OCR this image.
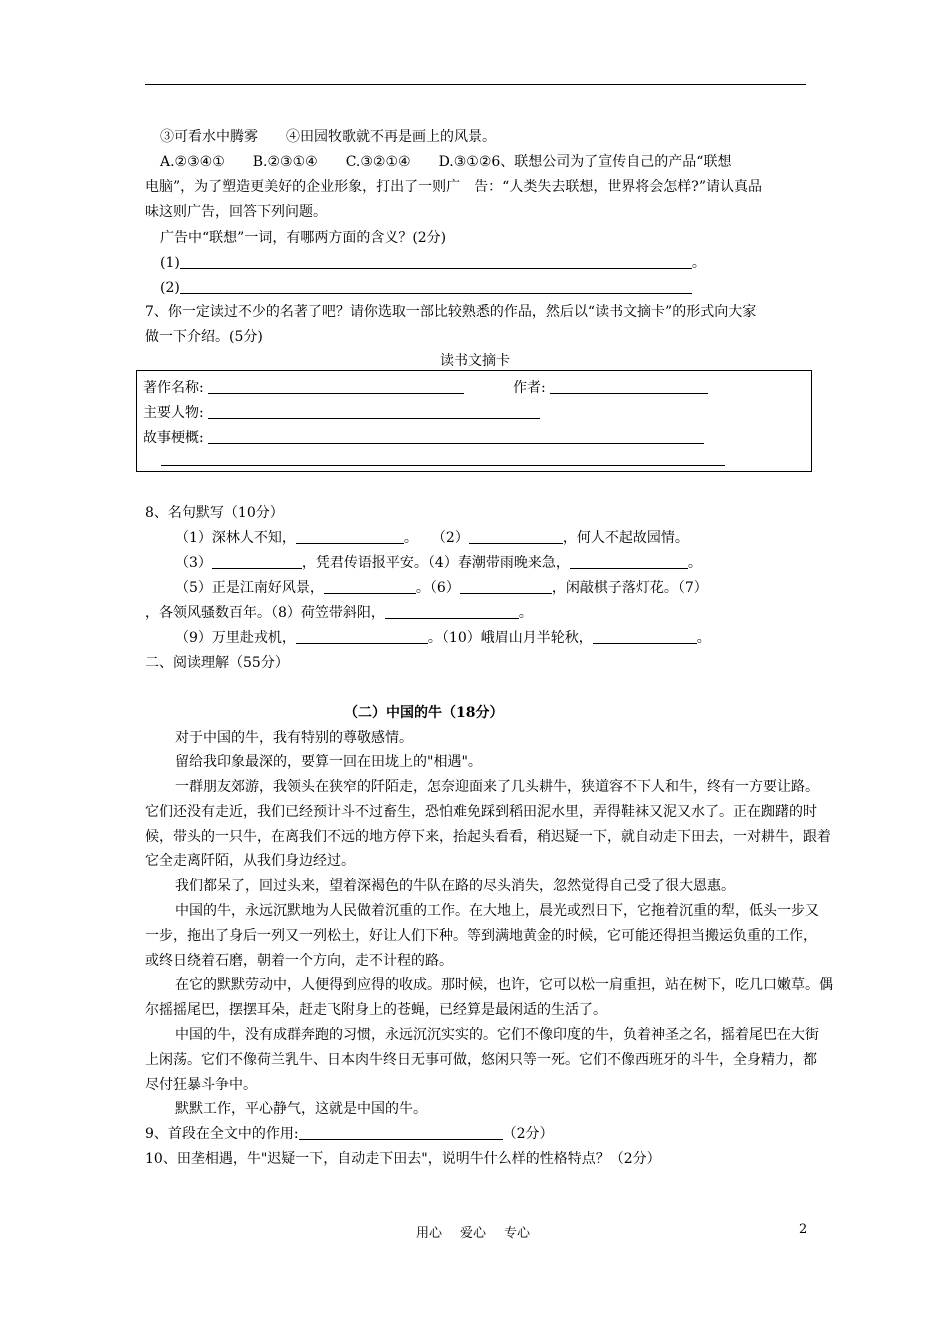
③可看水中腾雾　　④田园牧歌就不再是画上的风景。
A.②③④①　　B.②③①④　　C.③②①④　　D.③①②6、联想公司为了宣传自己的产品“联想
电脑”，为了塑造更美好的企业形象，打出了一则广　告：“人类失去联想，世界将会怎样?”请认真品
味这则广告，回答下列问题。
广告中“联想”一词，有哪两方面的含义？(2分)
(1)	。
(2)
7、你一定读过不少的名著了吧？请你选取一部比较熟悉的作品，然后以“读书文摘卡”的形式向大家
做一下介绍。(5分)
读书文摘卡
著作名称:	作者:
主要人物:
故事梗概:
8、名句默写（10分）
（1）深林人不知，	。　　（2）	，何人不起故园情。
（3）	，凭君传语报平安。（4）春潮带雨晚来急，	。
（5）正是江南好风景，	。（6）	，闲敲棋子落灯花。（7）
，各领风骚数百年。（8）荷笠带斜阳，	。
（9）万里赴戎机，	。（10）峨眉山月半轮秋，	。
二、阅读理解（55分）
（二）中国的牛（18分）
对于中国的牛，我有特别的尊敬感情。
留给我印象最深的，要算一回在田垅上的"相遇"。
一群朋友郊游，我领头在狭窄的阡陌走，怎奈迎面来了几头耕牛，狭道容不下人和牛，终有一方要让路。
它们还没有走近，我们已经预计斗不过畜生，恐怕难免踩到稻田泥水里，弄得鞋袜又泥又水了。正在踟躇的时
候，带头的一只牛，在离我们不远的地方停下来，抬起头看看，稍迟疑一下，就自动走下田去，一对耕牛，跟着
它全走离阡陌，从我们身边经过。
我们都呆了，回过头来，望着深褐色的牛队在路的尽头消失，忽然觉得自己受了很大恩惠。
中国的牛，永远沉默地为人民做着沉重的工作。在大地上，晨光或烈日下，它拖着沉重的犁，低头一步又
一步，拖出了身后一列又一列松土，好让人们下种。等到满地黄金的时候，它可能还得担当搬运负重的工作，
或终日绕着石磨，朝着一个方向，走不计程的路。
在它的默默劳动中，人便得到应得的收成。那时候，也许，它可以松一肩重担，站在树下，吃几口嫩草。偶
尔摇摇尾巴，摆摆耳朵，赶走飞附身上的苍蝇，已经算是最闲适的生活了。
中国的牛，没有成群奔跑的习惯，永远沉沉实实的。它们不像印度的牛，负着神圣之名，摇着尾巴在大街
上闲荡。它们不像荷兰乳牛、日本肉牛终日无事可做，悠闲只等一死。它们不像西班牙的斗牛，全身精力，都
尽付狂暴斗争中。
默默工作，平心静气，这就是中国的牛。
9、首段在全文中的作用:	（2分）
10、田垄相遇，牛"迟疑一下，自动走下田去"，说明牛什么样的性格特点？（2分）
用心 爱心 专心	2
